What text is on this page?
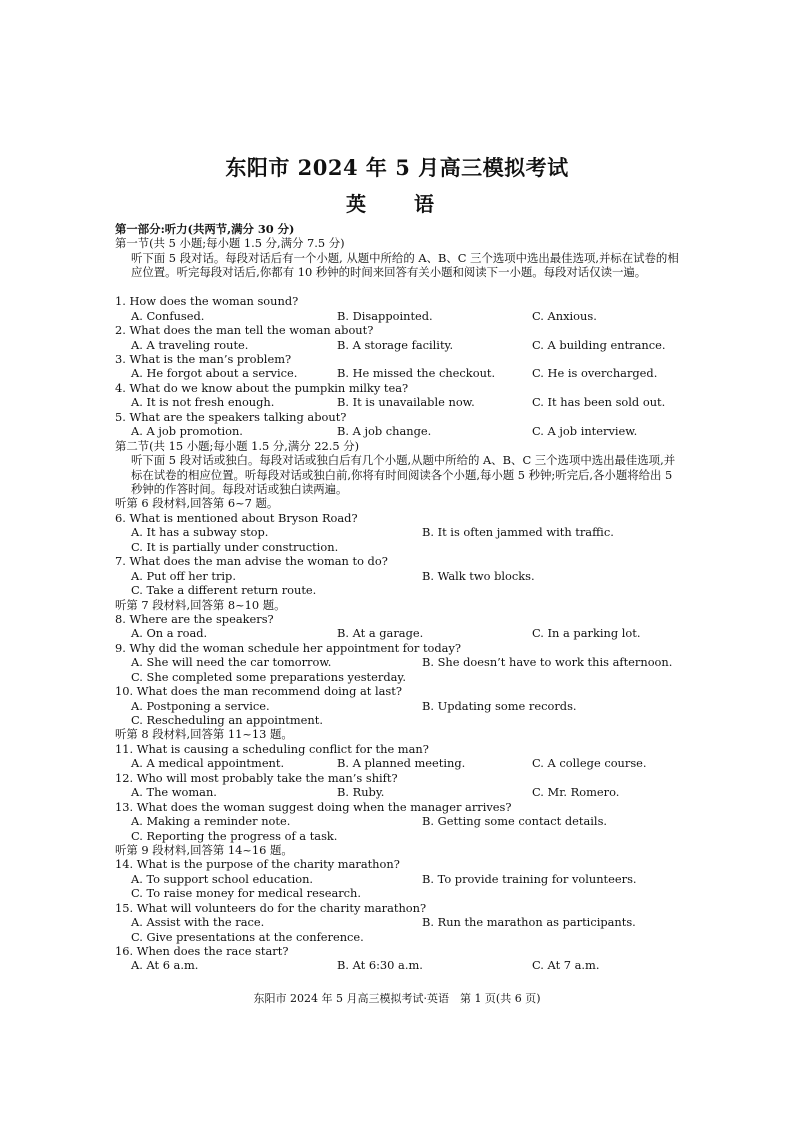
东阳市 2024 年 5 月高三模拟考试
英　语
第一部分:听力(共两节,满分 30 分)
第一节(共 5 小题;每小题 1.5 分,满分 7.5 分)
听下面 5 段对话。每段对话后有一个小题, 从题中所给的 A、B、C 三个选项中选出最佳选项,并标在试卷的相应位置。听完每段对话后,你都有 10 秒钟的时间来回答有关小题和阅读下一小题。每段对话仅读一遍。
1. How does the woman sound?
A. Confused.	B. Disappointed.	C. Anxious.
2. What does the man tell the woman about?
A. A traveling route.	B. A storage facility.	C. A building entrance.
3. What is the man’s problem?
A. He forgot about a service.	B. He missed the checkout.	C. He is overcharged.
4. What do we know about the pumpkin milky tea?
A. It is not fresh enough.	B. It is unavailable now.	C. It has been sold out.
5. What are the speakers talking about?
A. A job promotion.	B. A job change.	C. A job interview.
第二节(共 15 小题;每小题 1.5 分,满分 22.5 分)
听下面 5 段对话或独白。每段对话或独白后有几个小题,从题中所给的 A、B、C 三个选项中选出最佳选项,并标在试卷的相应位置。听每段对话或独白前,你将有时间阅读各个小题,每小题 5 秒钟;听完后,各小题将给出 5 秒钟的作答时间。每段对话或独白读两遍。
听第 6 段材料,回答第 6~7 题。
6. What is mentioned about Bryson Road?
A. It has a subway stop.	B. It is often jammed with traffic.
C. It is partially under construction.
7. What does the man advise the woman to do?
A. Put off her trip.	B. Walk two blocks.
C. Take a different return route.
听第 7 段材料,回答第 8~10 题。
8. Where are the speakers?
A. On a road.	B. At a garage.	C. In a parking lot.
9. Why did the woman schedule her appointment for today?
A. She will need the car tomorrow.	B. She doesn’t have to work this afternoon.
C. She completed some preparations yesterday.
10. What does the man recommend doing at last?
A. Postponing a service.	B. Updating some records.
C. Rescheduling an appointment.
听第 8 段材料,回答第 11~13 题。
11. What is causing a scheduling conflict for the man?
A. A medical appointment.	B. A planned meeting.	C. A college course.
12. Who will most probably take the man’s shift?
A. The woman.	B. Ruby.	C. Mr. Romero.
13. What does the woman suggest doing when the manager arrives?
A. Making a reminder note.	B. Getting some contact details.
C. Reporting the progress of a task.
听第 9 段材料,回答第 14~16 题。
14. What is the purpose of the charity marathon?
A. To support school education.	B. To provide training for volunteers.
C. To raise money for medical research.
15. What will volunteers do for the charity marathon?
A. Assist with the race.	B. Run the marathon as participants.
C. Give presentations at the conference.
16. When does the race start?
A. At 6 a.m.	B. At 6:30 a.m.	C. At 7 a.m.
东阳市 2024 年 5 月高三模拟考试·英语　第 1 页(共 6 页)
